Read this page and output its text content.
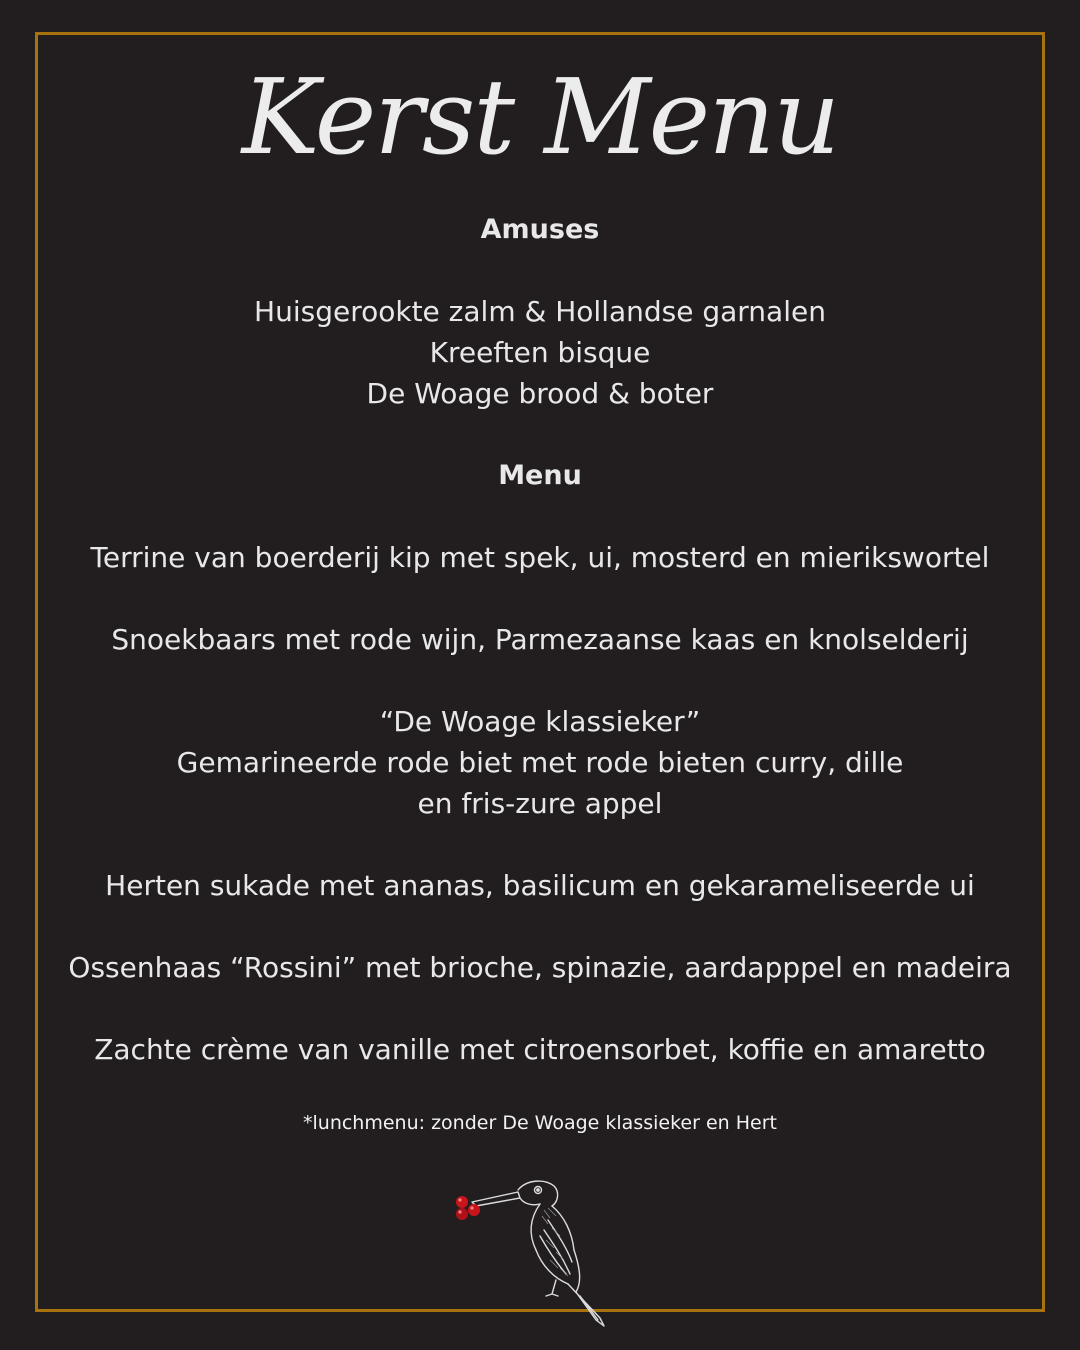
Kerst Menu
Amuses
Huisgerookte zalm & Hollandse garnalen
Kreeften bisque
De Woage brood & boter
Menu
Terrine van boerderij kip met spek, ui, mosterd en mierikswortel
Snoekbaars met rode wijn, Parmezaanse kaas en knolselderij
“De Woage klassieker”
Gemarineerde rode biet met rode bieten curry, dille
en fris-zure appel
Herten sukade met ananas, basilicum en gekarameliseerde ui
Ossenhaas “Rossini” met brioche, spinazie, aardapppel en madeira
Zachte crème van vanille met citroensorbet, koffie en amaretto
*lunchmenu: zonder De Woage klassieker en Hert
